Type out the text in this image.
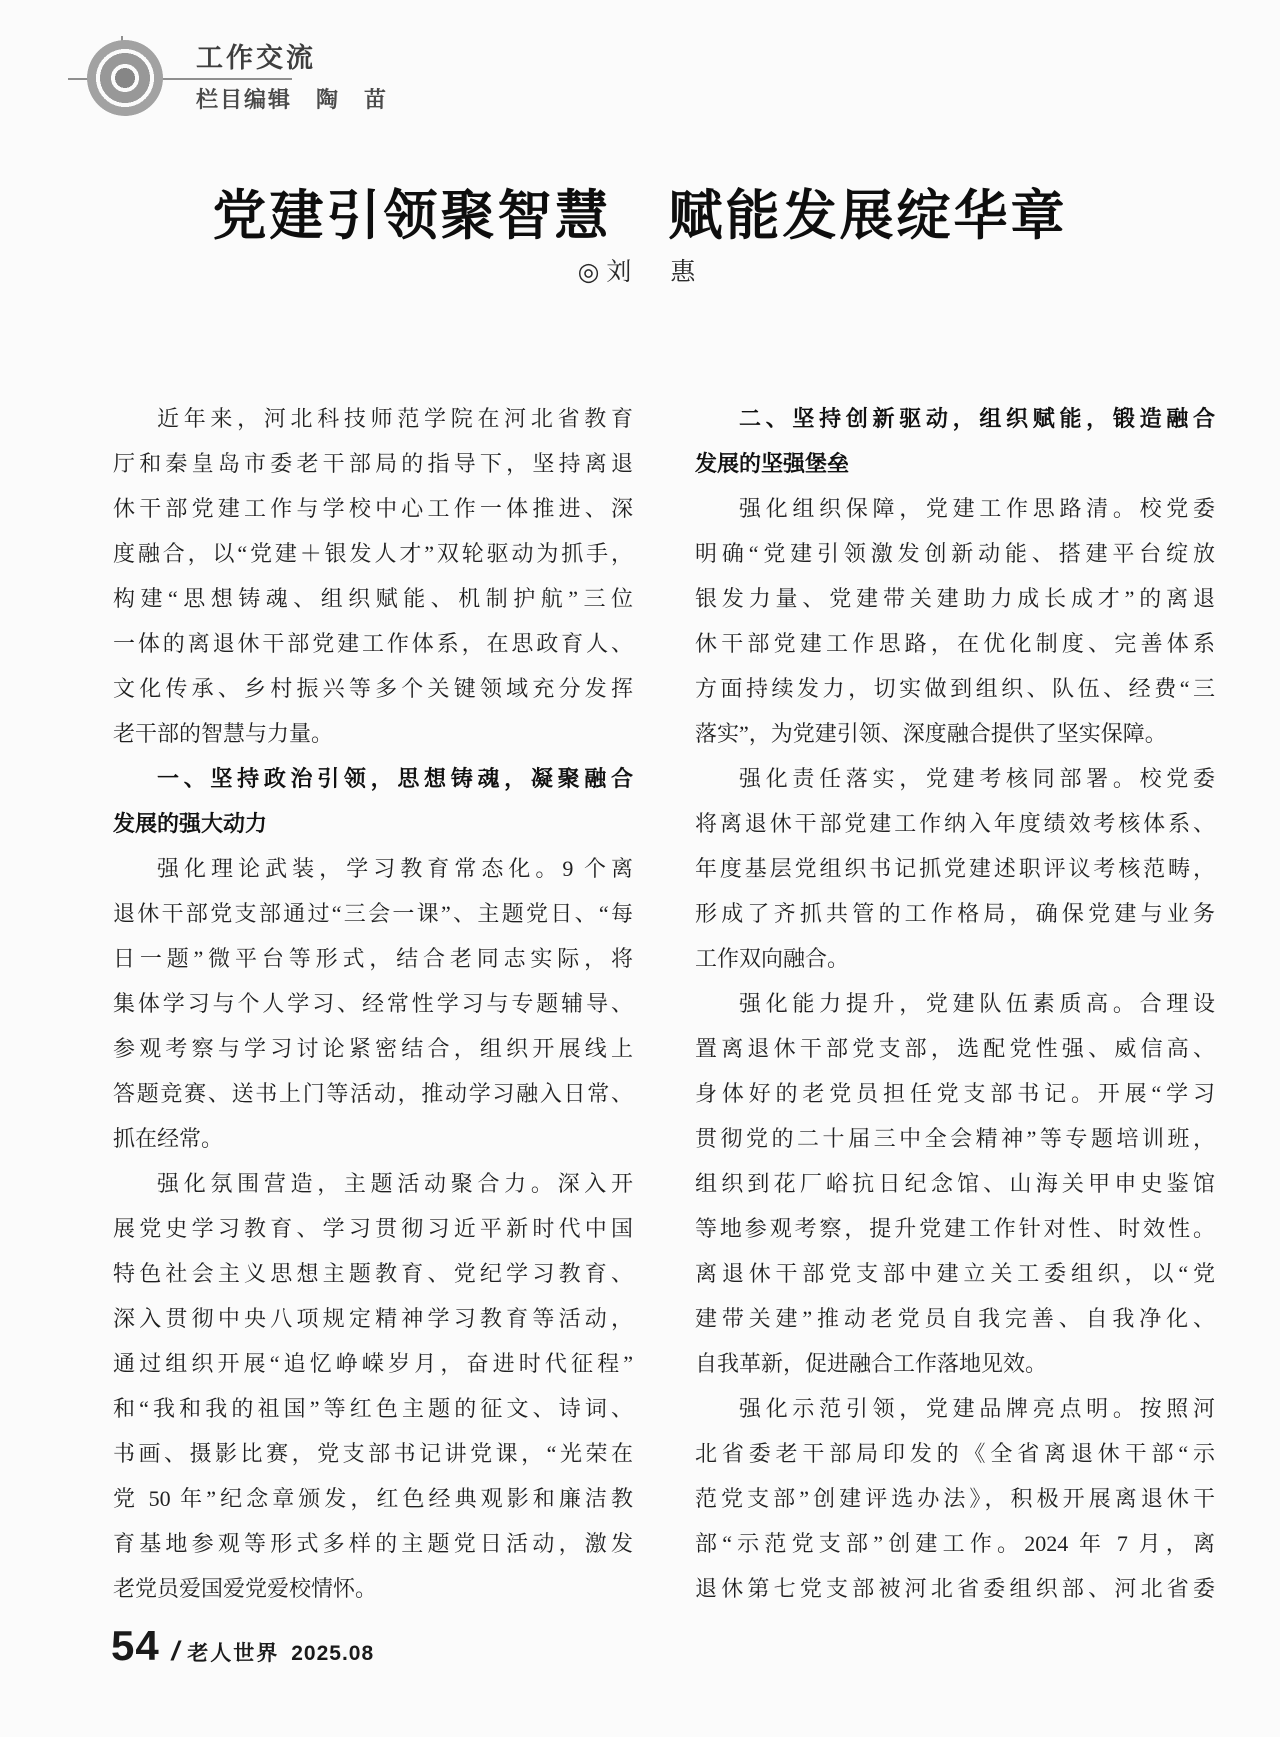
工作交流
栏目编辑　陶　苗
党建引领聚智慧　赋能发展绽华章
◎刘　惠
近年来，河北科技师范学院在河北省教育
厅和秦皇岛市委老干部局的指导下，坚持离退
休干部党建工作与学校中心工作一体推进、深
度融合，以“党建＋银发人才”双轮驱动为抓手，
构建“思想铸魂、组织赋能、机制护航”三位
一体的离退休干部党建工作体系，在思政育人、
文化传承、乡村振兴等多个关键领域充分发挥
老干部的智慧与力量。
一、坚持政治引领，思想铸魂，凝聚融合
发展的强大动力
强化理论武装，学习教育常态化。9 个离
退休干部党支部通过“三会一课”、主题党日、“每
日一题”微平台等形式，结合老同志实际，将
集体学习与个人学习、经常性学习与专题辅导、
参观考察与学习讨论紧密结合，组织开展线上
答题竞赛、送书上门等活动，推动学习融入日常、
抓在经常。
强化氛围营造，主题活动聚合力。深入开
展党史学习教育、学习贯彻习近平新时代中国
特色社会主义思想主题教育、党纪学习教育、
深入贯彻中央八项规定精神学习教育等活动，
通过组织开展“追忆峥嵘岁月，奋进时代征程”
和“我和我的祖国”等红色主题的征文、诗词、
书画、摄影比赛，党支部书记讲党课，“光荣在
党 50 年”纪念章颁发，红色经典观影和廉洁教
育基地参观等形式多样的主题党日活动，激发
老党员爱国爱党爱校情怀。
二、坚持创新驱动，组织赋能，锻造融合
发展的坚强堡垒
强化组织保障，党建工作思路清。校党委
明确“党建引领激发创新动能、搭建平台绽放
银发力量、党建带关建助力成长成才”的离退
休干部党建工作思路，在优化制度、完善体系
方面持续发力，切实做到组织、队伍、经费“三
落实”，为党建引领、深度融合提供了坚实保障。
强化责任落实，党建考核同部署。校党委
将离退休干部党建工作纳入年度绩效考核体系、
年度基层党组织书记抓党建述职评议考核范畴，
形成了齐抓共管的工作格局，确保党建与业务
工作双向融合。
强化能力提升，党建队伍素质高。合理设
置离退休干部党支部，选配党性强、威信高、
身体好的老党员担任党支部书记。开展“学习
贯彻党的二十届三中全会精神”等专题培训班，
组织到花厂峪抗日纪念馆、山海关甲申史鉴馆
等地参观考察，提升党建工作针对性、时效性。
离退休干部党支部中建立关工委组织，以“党
建带关建”推动老党员自我完善、自我净化、
自我革新，促进融合工作落地见效。
强化示范引领，党建品牌亮点明。按照河
北省委老干部局印发的《全省离退休干部“示
范党支部”创建评选办法》，积极开展离退休干
部“示范党支部”创建工作。2024 年 7 月，离
退休第七党支部被河北省委组织部、河北省委
54 / 老人世界 2025.08
